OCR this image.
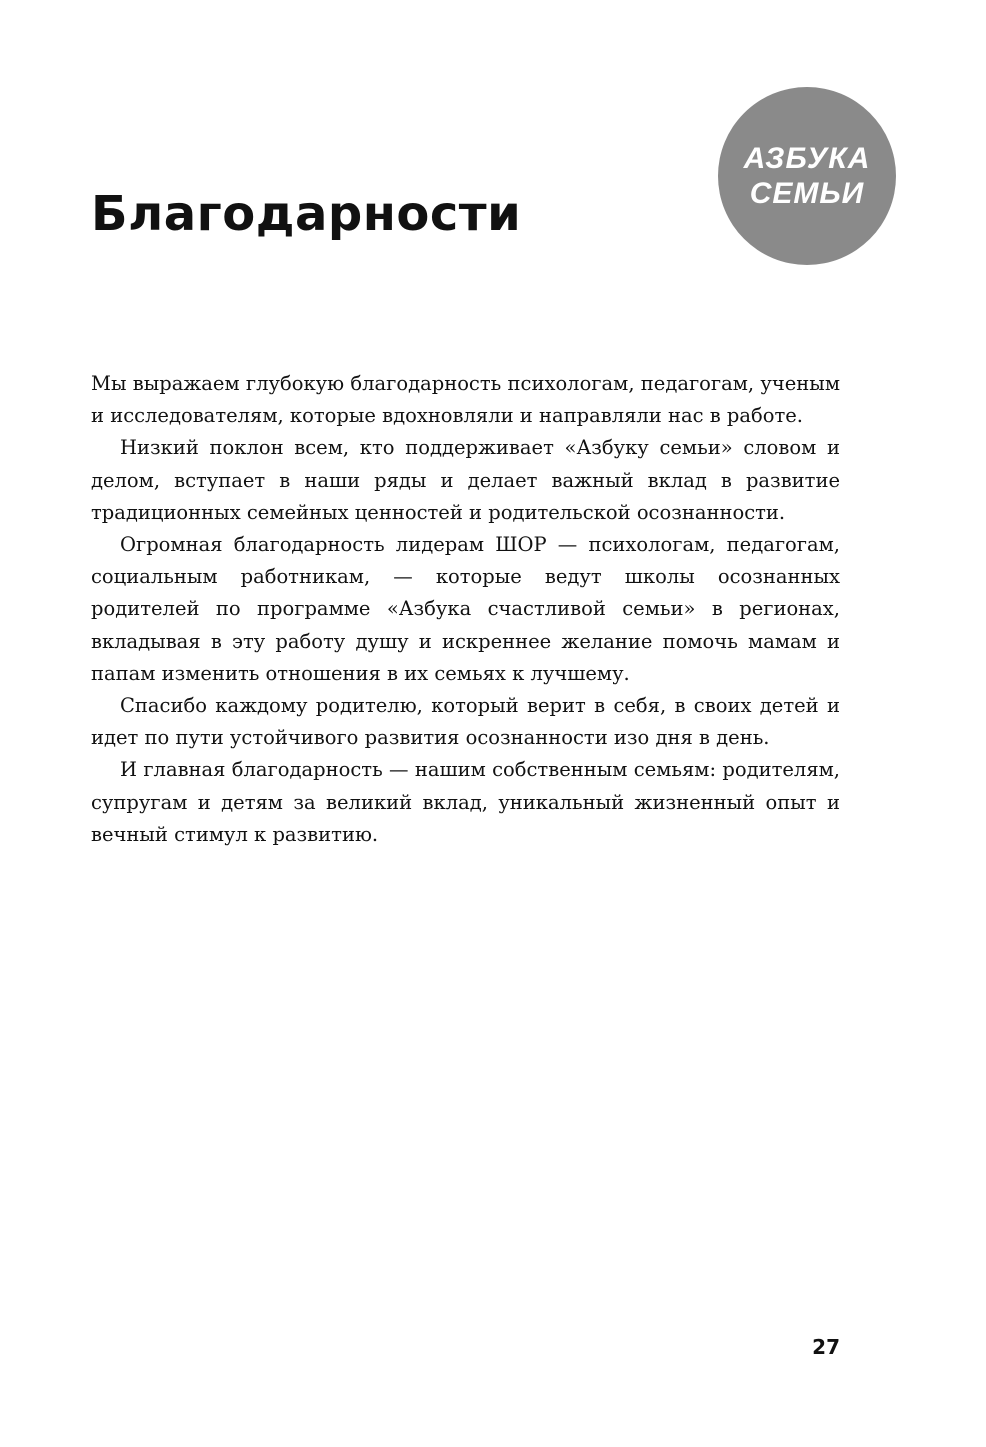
Благодарности
АЗБУКА
СЕМЬИ

Мы выражаем глубокую благодарность психологам, педагогам, ученым и исследователям, которые вдохновляли и направляли нас в работе.

Низкий поклон всем, кто поддерживает «Азбуку семьи» словом и делом, вступает в наши ряды и делает важный вклад в развитие традиционных семейных ценностей и родительской осознанности.

Огромная благодарность лидерам ШОР — психологам, педагогам, социальным работникам, — которые ведут школы осознанных родителей по программе «Азбука счастливой семьи» в регионах, вкладывая в эту работу душу и искреннее желание помочь мамам и папам изменить отношения в их семьях к лучшему.

Спасибо каждому родителю, который верит в себя, в своих детей и идет по пути устойчивого развития осознанности изо дня в день.

И главная благодарность — нашим собственным семьям: родителям, супругам и детям за великий вклад, уникальный жизненный опыт и вечный стимул к развитию.

27
